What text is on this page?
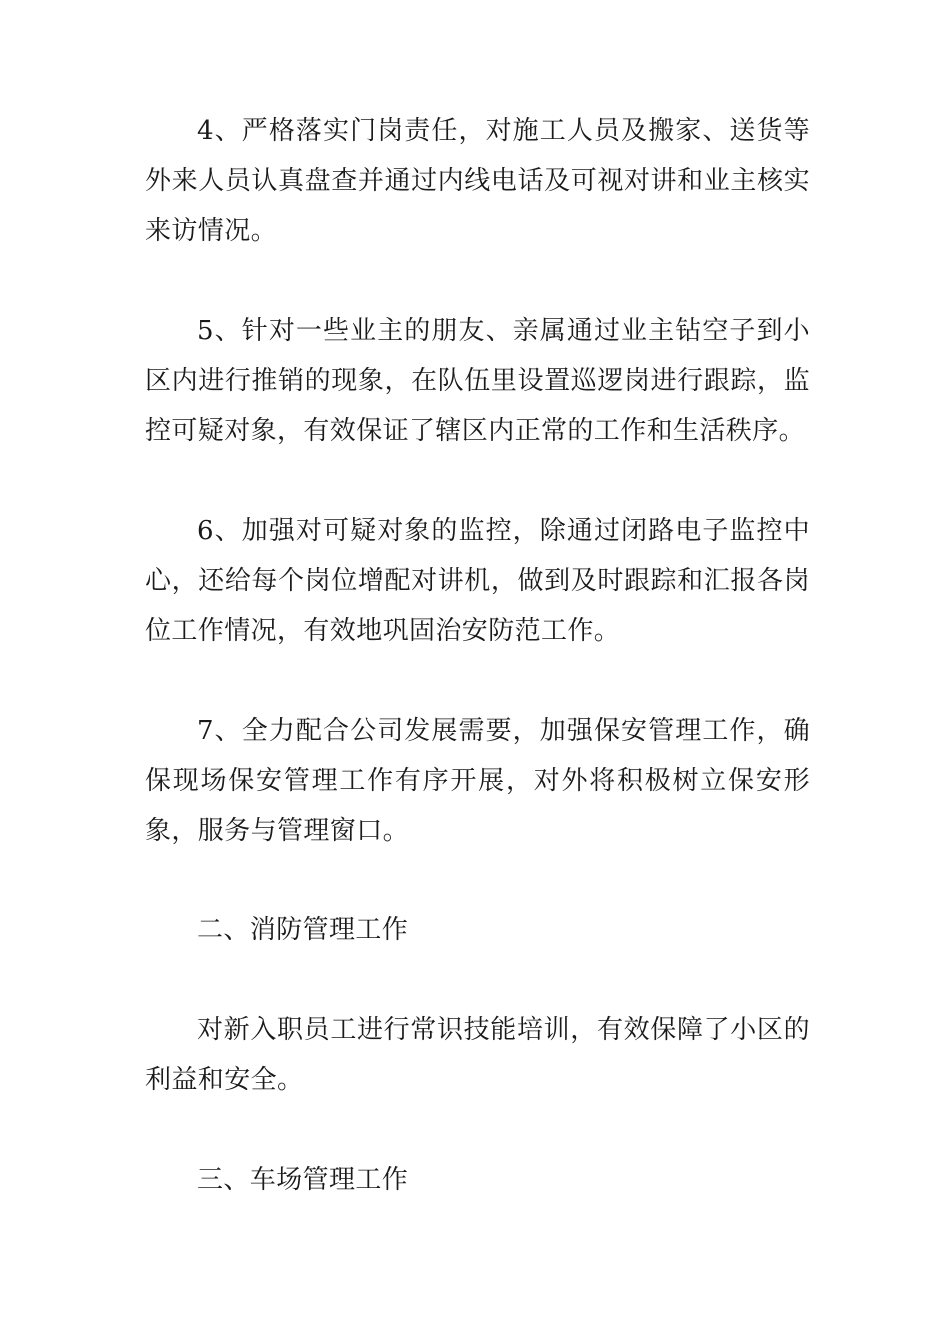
4、严格落实门岗责任，对施工人员及搬家、送货等外来人员认真盘查并通过内线电话及可视对讲和业主核实来访情况。

5、针对一些业主的朋友、亲属通过业主钻空子到小区内进行推销的现象，在队伍里设置巡逻岗进行跟踪，监控可疑对象，有效保证了辖区内正常的工作和生活秩序。

6、加强对可疑对象的监控，除通过闭路电子监控中心，还给每个岗位增配对讲机，做到及时跟踪和汇报各岗位工作情况，有效地巩固治安防范工作。

7、全力配合公司发展需要，加强保安管理工作，确保现场保安管理工作有序开展，对外将积极树立保安形象，服务与管理窗口。

二、消防管理工作

对新入职员工进行常识技能培训，有效保障了小区的利益和安全。

三、车场管理工作
